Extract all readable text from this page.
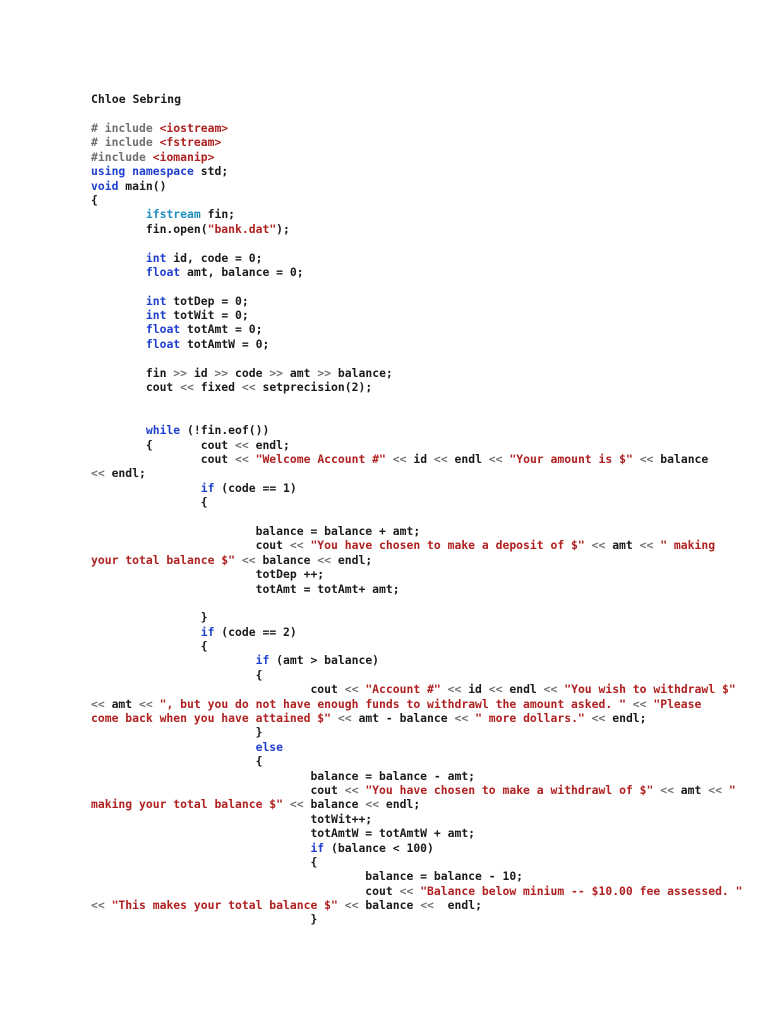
Chloe Sebring
# include <iostream>
# include <fstream>
#include <iomanip>
using namespace std;
void main()
{
ifstream fin;
fin.open("bank.dat");
int id, code = 0;
float amt, balance = 0;
int totDep = 0;
int totWit = 0;
float totAmt = 0;
float totAmtW = 0;
fin >> id >> code >> amt >> balance;
cout << fixed << setprecision(2);
while (!fin.eof())
{       cout << endl;
cout << "Welcome Account #" << id << endl << "Your amount is $" << balance
<< endl;
if (code == 1)
{
balance = balance + amt;
cout << "You have chosen to make a deposit of $" << amt << " making
your total balance $" << balance << endl;
totDep ++;
totAmt = totAmt+ amt;
}
if (code == 2)
{
if (amt > balance)
{
cout << "Account #" << id << endl << "You wish to withdrawl $"
<< amt << ", but you do not have enough funds to withdrawl the amount asked. " << "Please
come back when you have attained $" << amt - balance << " more dollars." << endl;
}
else
{
balance = balance - amt;
cout << "You have chosen to make a withdrawl of $" << amt << "
making your total balance $" << balance << endl;
totWit++;
totAmtW = totAmtW + amt;
if (balance < 100)
{
balance = balance - 10;
cout << "Balance below minium -- $10.00 fee assessed. "
<< "This makes your total balance $" << balance <<  endl;
}
